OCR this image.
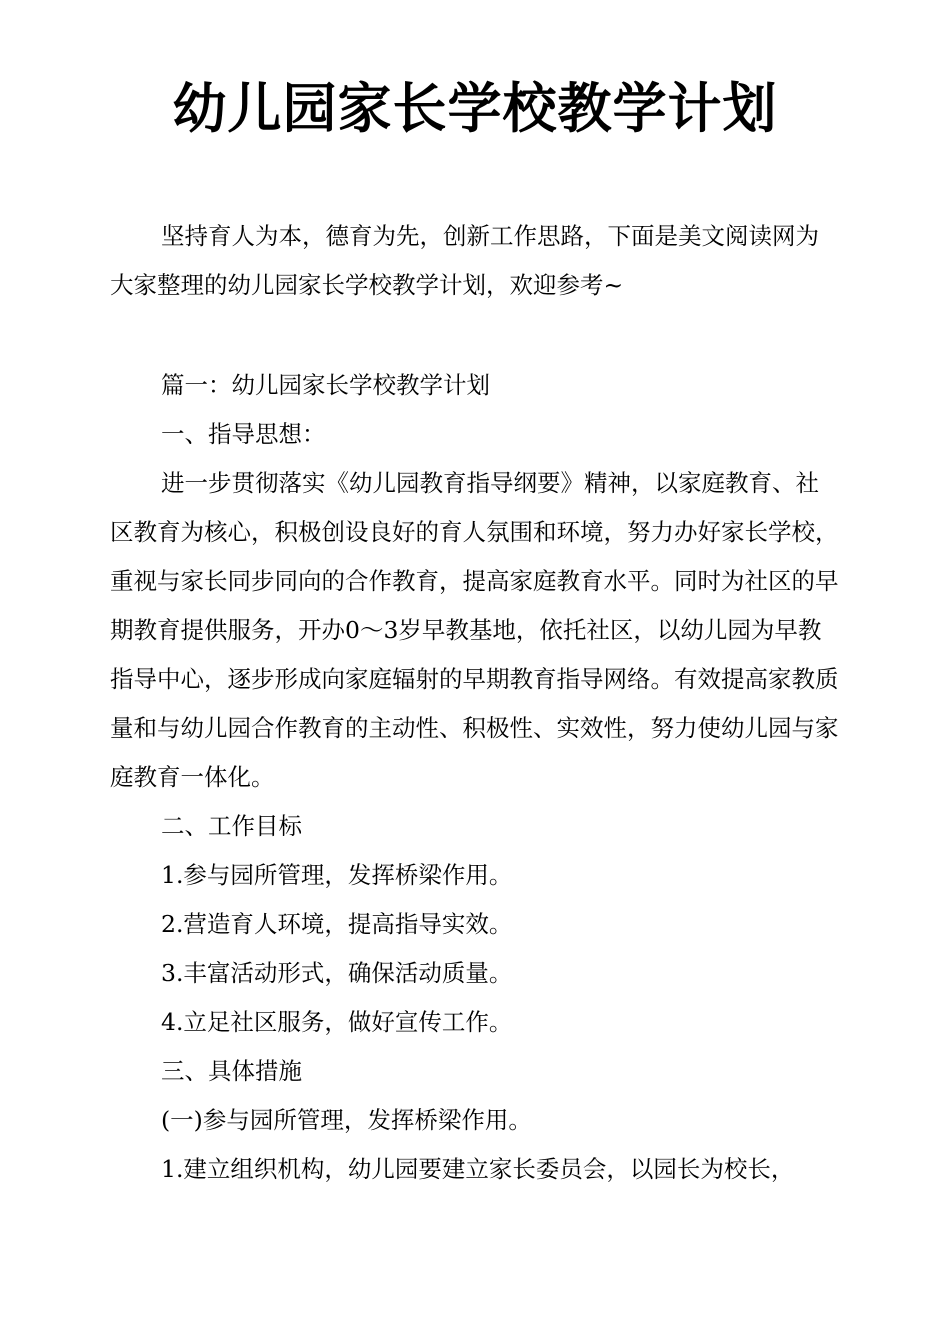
幼儿园家长学校教学计划

坚持育人为本，德育为先，创新工作思路，下面是美文阅读网为大家整理的幼儿园家长学校教学计划，欢迎参考~

篇一：幼儿园家长学校教学计划

一、指导思想：

进一步贯彻落实《幼儿园教育指导纲要》精神，以家庭教育、社区教育为核心，积极创设良好的育人氛围和环境，努力办好家长学校，重视与家长同步同向的合作教育，提高家庭教育水平。同时为社区的早期教育提供服务，开办0～3岁早教基地，依托社区，以幼儿园为早教指导中心，逐步形成向家庭辐射的早期教育指导网络。有效提高家教质量和与幼儿园合作教育的主动性、积极性、实效性，努力使幼儿园与家庭教育一体化。

二、工作目标

1.参与园所管理，发挥桥梁作用。

2.营造育人环境，提高指导实效。

3.丰富活动形式，确保活动质量。

4.立足社区服务，做好宣传工作。

三、具体措施

(一)参与园所管理，发挥桥梁作用。

1.建立组织机构，幼儿园要建立家长委员会，以园长为校长，
